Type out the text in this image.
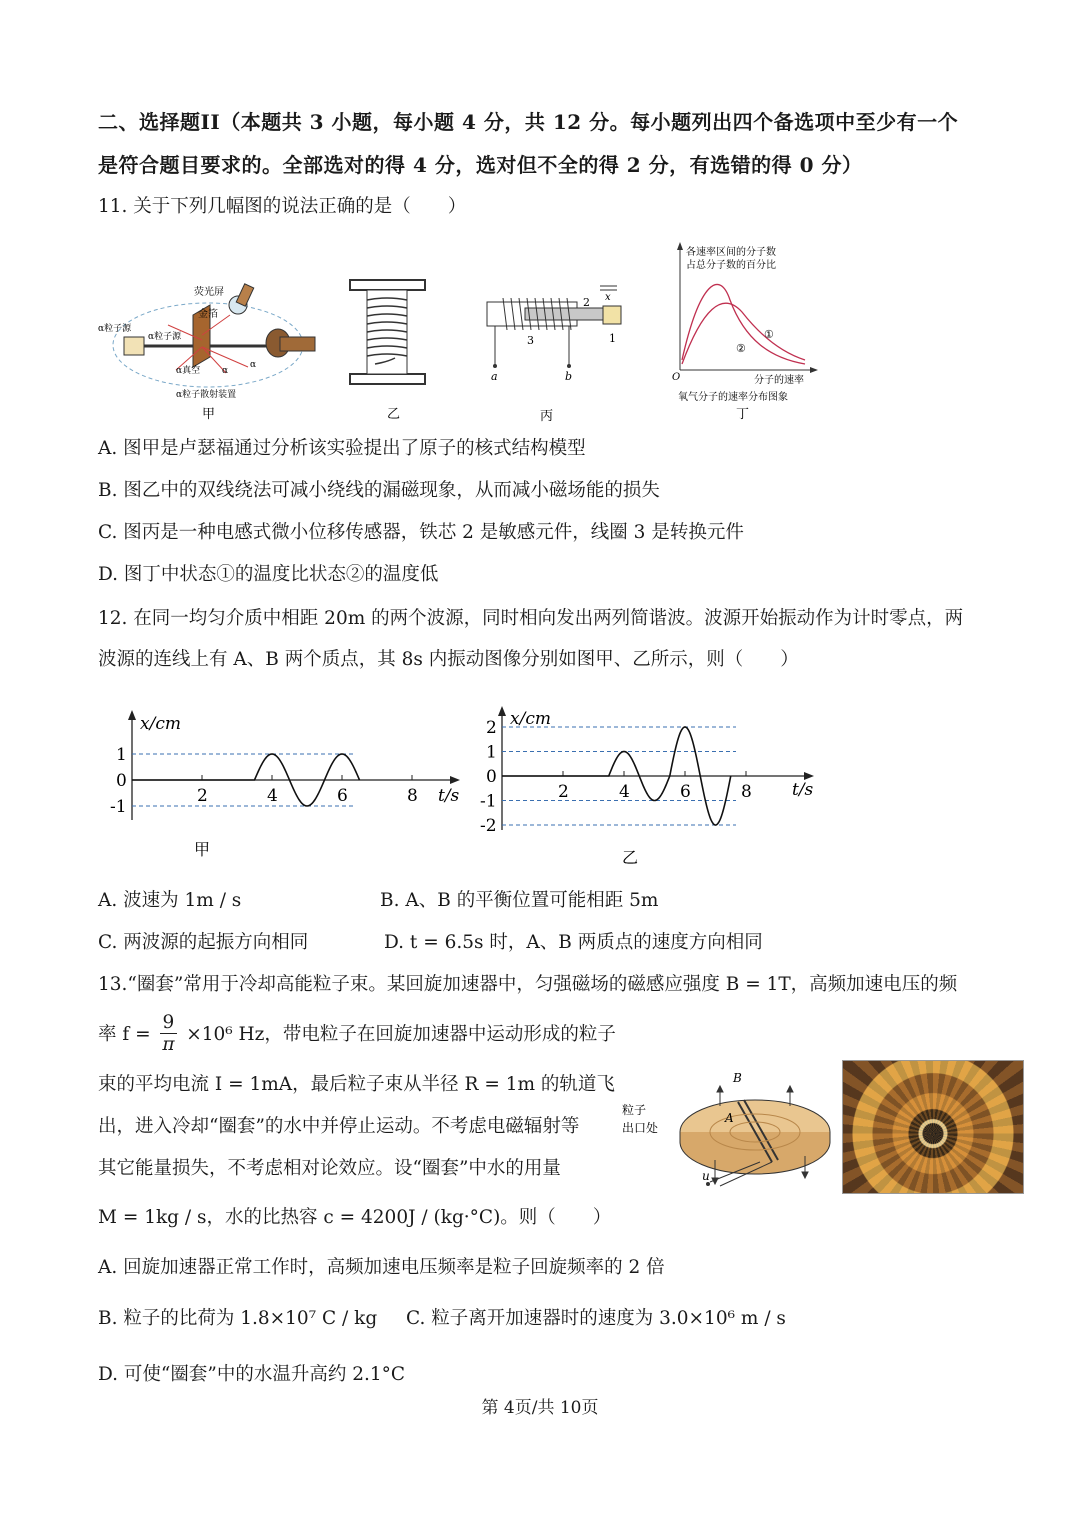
二、选择题II（本题共 3 小题，每小题 4 分，共 12 分。每小题列出四个备选项中至少有一个
是符合题目要求的。全部选对的得 4 分，选对但不全的得 2 分，有选错的得 0 分）
11. 关于下列几幅图的说法正确的是（　　）
荧光屏
金箔
α粒子源
α粒子源
α真空 α
α
α粒子散射装置
甲	乙
2 x
3	1
a	b
丙
各速率区间的分子数
占总分子数的百分比
①
②
O	分子的速率
氧气分子的速率分布图象
丁
A. 图甲是卢瑟福通过分析该实验提出了原子的核式结构模型
B. 图乙中的双线绕法可减小绕线的漏磁现象，从而减小磁场能的损失
C. 图丙是一种电感式微小位移传感器，铁芯 2 是敏感元件，线圈 3 是转换元件
D. 图丁中状态①的温度比状态②的温度低
12. 在同一均匀介质中相距 20m 的两个波源，同时相向发出两列简谐波。波源开始振动作为计时零点，两
波源的连线上有 A、B 两个质点，其 8s 内振动图像分别如图甲、乙所示，则（　　）
x/cm
t/s
甲
2	4	6	8
1
0
-1
x/cm
t/s
乙
2	4	6	8
2
1
0
-1
-2
A. 波速为 1m / s	B. A、B 的平衡位置可能相距 5m
C. 两波源的起振方向相同	D. t = 6.5s 时，A、B 两质点的速度方向相同
13.“圈套”常用于冷却高能粒子束。某回旋加速器中，匀强磁场的磁感应强度 B = 1T，高频加速电压的频
率 $f = \frac{9}{\pi} \times 10^6$ Hz，带电粒子在回旋加速器中运动形成的粒子
束的平均电流 I = 1mA，最后粒子束从半径 R = 1m 的轨道飞
出，进入冷却“圈套”的水中并停止运动。不考虑电磁辐射等
其它能量损失，不考虑相对论效应。设“圈套”中水的用量
M = 1kg / s，水的比热容 c = 4200J / (kg·°C)。则（　　）
粒子
出口处
B
A
u
A. 回旋加速器正常工作时，高频加速电压频率是粒子回旋频率的 2 倍
B. 粒子的比荷为 1.8×10⁷ C / kg C. 粒子离开加速器时的速度为 3.0×10⁶ m / s
D. 可使“圈套”中的水温升高约 2.1°C
第 4页/共 10页
